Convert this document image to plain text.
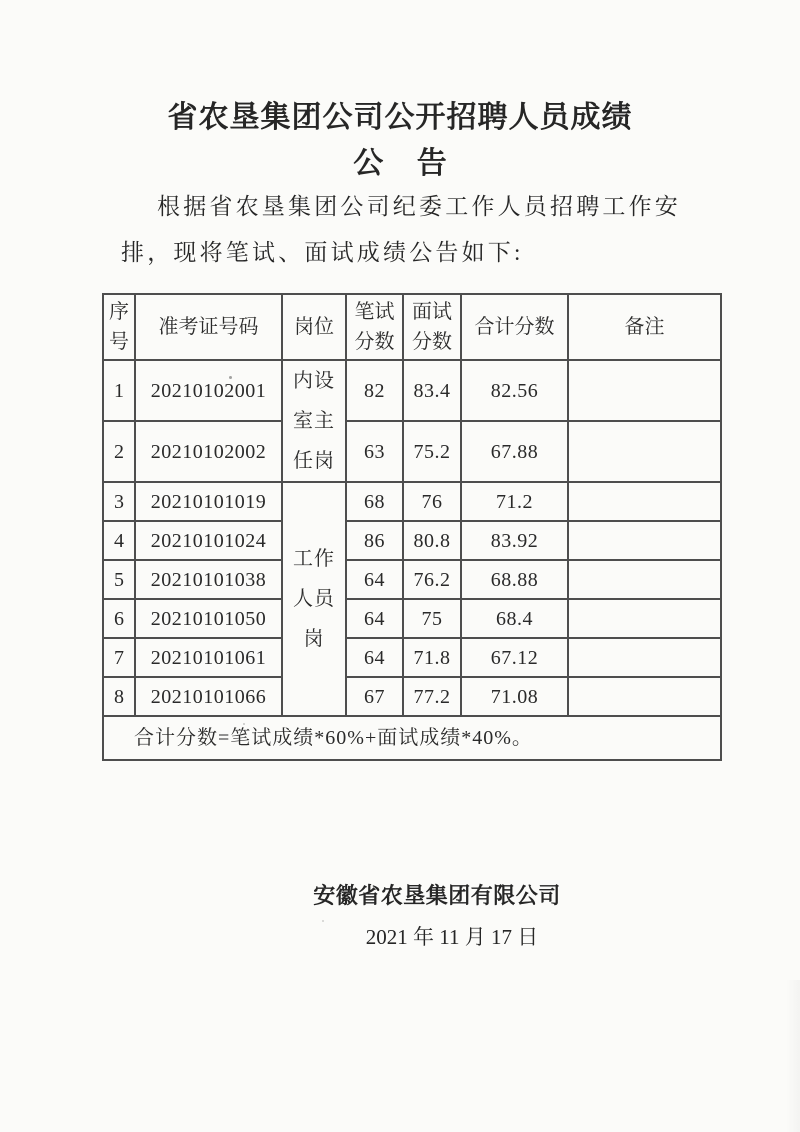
省农垦集团公司公开招聘人员成绩
公 告
根据省农垦集团公司纪委工作人员招聘工作安
排，现将笔试、面试成绩公告如下:
序号	准考证号码	岗位	笔试分数	面试分数	合计分数	备注
1	20210102001	内设室主任岗	82	83.4	82.56	
2	20210102002		63	75.2	67.88	
3	20210101019	工作人员岗	68	76	71.2	
4	20210101024		86	80.8	83.92	
5	20210101038		64	76.2	68.88	
6	20210101050		64	75	68.4	
7	20210101061		64	71.8	67.12	
8	20210101066		67	77.2	71.08	
合计分数=笔试成绩*60%+面试成绩*40%。						
安徽省农垦集团有限公司
2021 年 11 月 17 日
